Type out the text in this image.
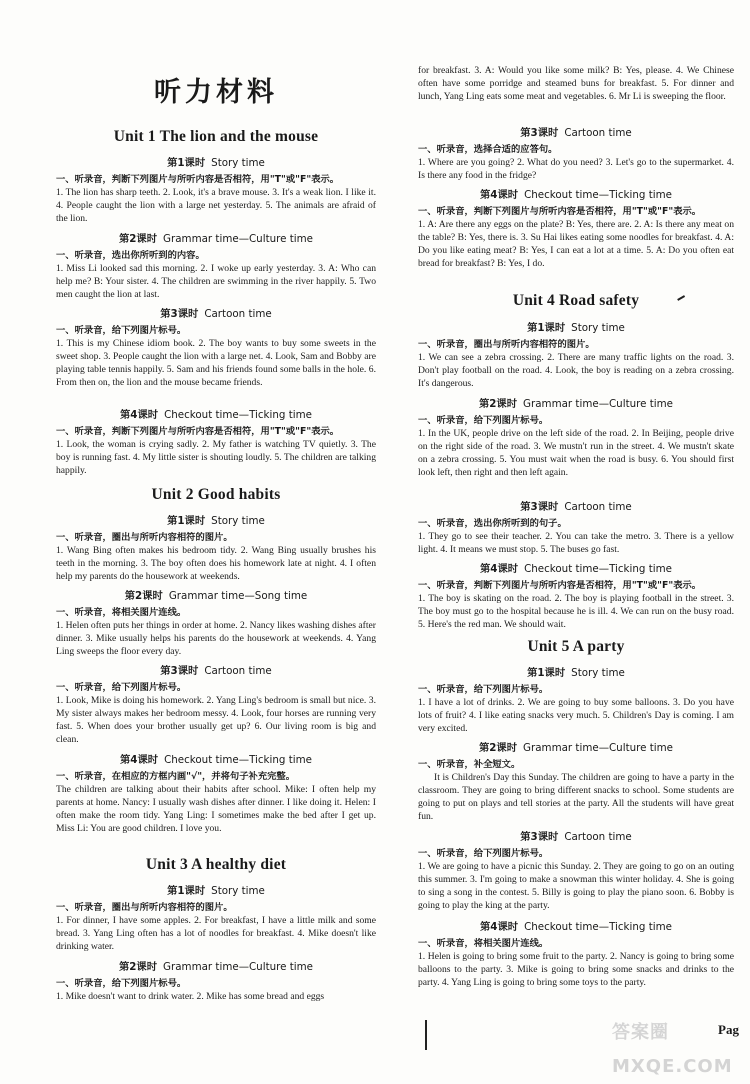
听力材料
Unit 1 The lion and the mouse
第1课时 Story time
一、听录音，判断下列图片与所听内容是否相符，用"T"或"F"表示。

1. The lion has sharp teeth. 2. Look, it's a brave mouse. 3. It's a weak lion. I like it. 4. People caught the lion with a large net yesterday. 5. The animals are afraid of the lion.

第2课时 Grammar time—Culture time
一、听录音，选出你所听到的内容。

1. Miss Li looked sad this morning. 2. I woke up early yesterday. 3. A: Who can help me? B: Your sister. 4. The children are swimming in the river happily. 5. Two men caught the lion at last.

第3课时 Cartoon time
一、听录音，给下列图片标号。

1. This is my Chinese idiom book. 2. The boy wants to buy some sweets in the sweet shop. 3. People caught the lion with a large net. 4. Look, Sam and Bobby are playing table tennis happily. 5. Sam and his friends found some balls in the hole. 6. From then on, the lion and the mouse became friends.

第4课时 Checkout time—Ticking time
一、听录音，判断下列图片与所听内容是否相符，用"T"或"F"表示。

1. Look, the woman is crying sadly. 2. My father is watching TV quietly. 3. The boy is running fast. 4. My little sister is shouting loudly. 5. The children are talking happily.

Unit 2 Good habits
第1课时 Story time
一、听录音，圈出与所听内容相符的图片。

1. Wang Bing often makes his bedroom tidy. 2. Wang Bing usually brushes his teeth in the morning. 3. The boy often does his homework late at night. 4. I often help my parents do the housework at weekends.

第2课时 Grammar time—Song time
一、听录音，将相关图片连线。

1. Helen often puts her things in order at home. 2. Nancy likes washing dishes after dinner. 3. Mike usually helps his parents do the housework at weekends. 4. Yang Ling sweeps the floor every day.

第3课时 Cartoon time
一、听录音，给下列图片标号。

1. Look, Mike is doing his homework. 2. Yang Ling's bedroom is small but nice. 3. My sister always makes her bedroom messy. 4. Look, four horses are running very fast. 5. When does your brother usually get up? 6. Our living room is big and clean.

第4课时 Checkout time—Ticking time
一、听录音，在相应的方框内画"√"，并将句子补充完整。

The children are talking about their habits after school. Mike: I often help my parents at home. Nancy: I usually wash dishes after dinner. I like doing it. Helen: I often make the room tidy. Yang Ling: I sometimes make the bed after I get up. Miss Li: You are good children. I love you.

Unit 3 A healthy diet
第1课时 Story time
一、听录音，圈出与所听内容相符的图片。

1. For dinner, I have some apples. 2. For breakfast, I have a little milk and some bread. 3. Yang Ling often has a lot of noodles for breakfast. 4. Mike doesn't like drinking water.

第2课时 Grammar time—Culture time
一、听录音，给下列图片标号。

1. Mike doesn't want to drink water. 2. Mike has some bread and eggs

for breakfast. 3. A: Would you like some milk? B: Yes, please. 4. We Chinese often have some porridge and steamed buns for breakfast. 5. For dinner and lunch, Yang Ling eats some meat and vegetables. 6. Mr Li is sweeping the floor.

第3课时 Cartoon time
一、听录音，选择合适的应答句。

1. Where are you going? 2. What do you need? 3. Let's go to the supermarket. 4. Is there any food in the fridge?

第4课时 Checkout time—Ticking time
一、听录音，判断下列图片与所听内容是否相符，用"T"或"F"表示。

1. A: Are there any eggs on the plate? B: Yes, there are. 2. A: Is there any meat on the table? B: Yes, there is. 3. Su Hai likes eating some noodles for breakfast. 4. A: Do you like eating meat? B: Yes, I can eat a lot at a time. 5. A: Do you often eat bread for breakfast? B: Yes, I do.

Unit 4 Road safety
第1课时 Story time
一、听录音，圈出与所听内容相符的图片。

1. We can see a zebra crossing. 2. There are many traffic lights on the road. 3. Don't play football on the road. 4. Look, the boy is reading on a zebra crossing. It's dangerous.

第2课时 Grammar time—Culture time
一、听录音，给下列图片标号。

1. In the UK, people drive on the left side of the road. 2. In Beijing, people drive on the right side of the road. 3. We mustn't run in the street. 4. We mustn't skate on a zebra crossing. 5. You must wait when the road is busy. 6. You should first look left, then right and then left again.

第3课时 Cartoon time
一、听录音，选出你所听到的句子。

1. They go to see their teacher. 2. You can take the metro. 3. There is a yellow light. 4. It means we must stop. 5. The buses go fast.

第4课时 Checkout time—Ticking time
一、听录音，判断下列图片与所听内容是否相符，用"T"或"F"表示。

1. The boy is skating on the road. 2. The boy is playing football in the street. 3. The boy must go to the hospital because he is ill. 4. We can run on the busy road. 5. Here's the red man. We should wait.

Unit 5 A party
第1课时 Story time
一、听录音，给下列图片标号。

1. I have a lot of drinks. 2. We are going to buy some balloons. 3. Do you have lots of fruit? 4. I like eating snacks very much. 5. Children's Day is coming. I am very excited.

第2课时 Grammar time—Culture time
一、听录音，补全短文。

It is Children's Day this Sunday. The children are going to have a party in the classroom. They are going to bring different snacks to school. Some students are going to put on plays and tell stories at the party. All the students will have great fun.

第3课时 Cartoon time
一、听录音，给下列图片标号。

1. We are going to have a picnic this Sunday. 2. They are going to go on an outing this summer. 3. I'm going to make a snowman this winter holiday. 4. She is going to sing a song in the contest. 5. Billy is going to play the piano soon. 6. Bobby is going to play the king at the party.

第4课时 Checkout time—Ticking time
一、听录音，将相关图片连线。

1. Helen is going to bring some fruit to the party. 2. Nancy is going to bring some balloons to the party. 3. Mike is going to bring some snacks and drinks to the party. 4. Yang Ling is going to bring some toys to the party.

答案圈 MXQE.COM
Pag
